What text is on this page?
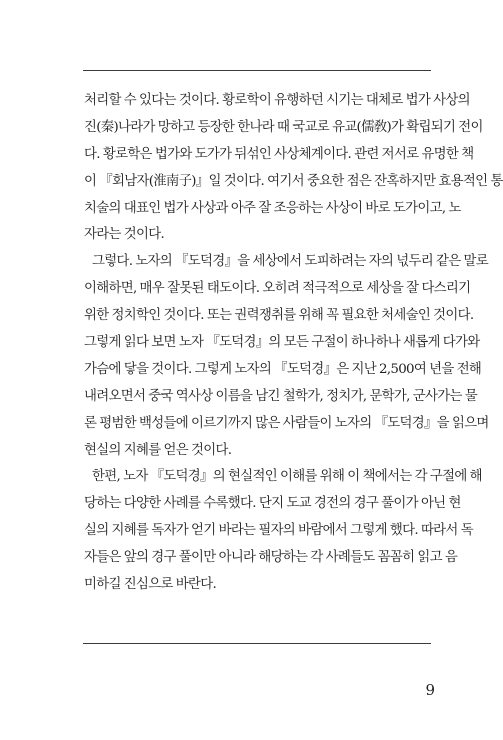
처리할 수 있다는 것이다. 황로학이 유행하던 시기는 대체로 법가 사상의
진(秦)나라가 망하고 등장한 한나라 때 국교로 유교(儒敎)가 확립되기 전이
다. 황로학은 법가와 도가가 뒤섞인 사상체계이다. 관련 저서로 유명한 책
이 『회남자(淮南子)』일 것이다. 여기서 중요한 점은 잔혹하지만 효용적인 통
치술의 대표인 법가 사상과 아주 잘 조응하는 사상이 바로 도가이고, 노
자라는 것이다.
그렇다. 노자의 『도덕경』을 세상에서 도피하려는 자의 넋두리 같은 말로
이해하면, 매우 잘못된 태도이다. 오히려 적극적으로 세상을 잘 다스리기
위한 정치학인 것이다. 또는 권력쟁취를 위해 꼭 필요한 처세술인 것이다.
그렇게 읽다 보면 노자 『도덕경』의 모든 구절이 하나하나 새롭게 다가와
가슴에 닿을 것이다. 그렇게 노자의 『도덕경』은 지난 2,500여 년을 전해
내려오면서 중국 역사상 이름을 남긴 철학가, 정치가, 문학가, 군사가는 물
론 평범한 백성들에 이르기까지 많은 사람들이 노자의 『도덕경』을 읽으며
현실의 지혜를 얻은 것이다.
한편, 노자 『도덕경』의 현실적인 이해를 위해 이 책에서는 각 구절에 해
당하는 다양한 사례를 수록했다. 단지 도교 경전의 경구 풀이가 아닌 현
실의 지혜를 독자가 얻기 바라는 필자의 바람에서 그렇게 했다. 따라서 독
자들은 앞의 경구 풀이만 아니라 해당하는 각 사례들도 꼼꼼히 읽고 음
미하길 진심으로 바란다.
9
